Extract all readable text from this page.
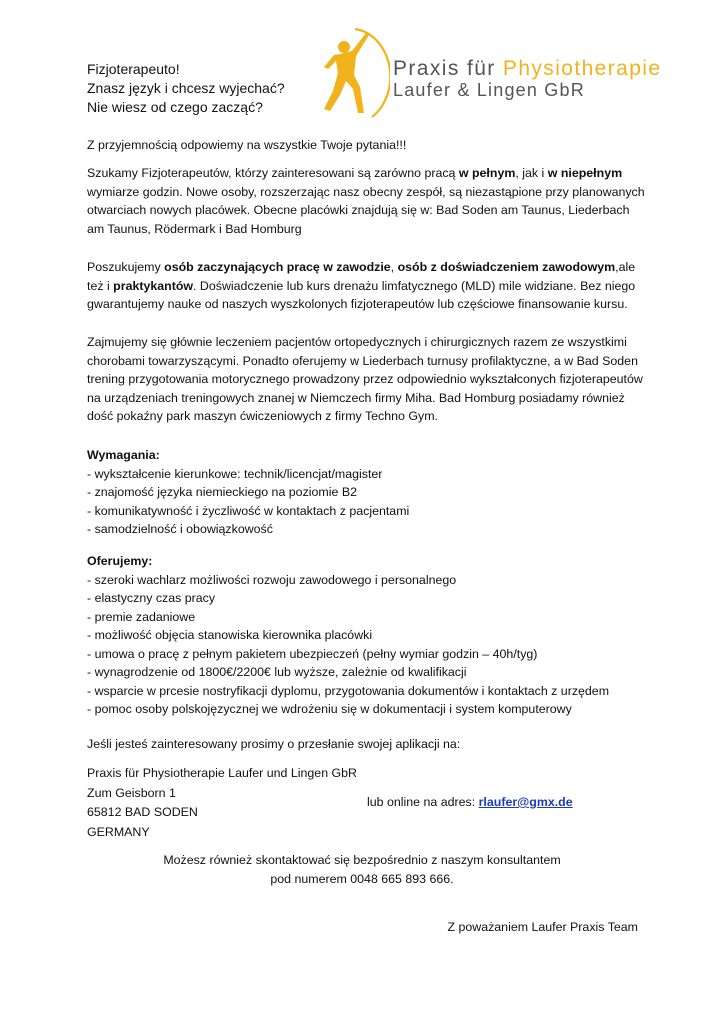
Fizjoterapeuto!
Znasz język i chcesz wyjechać?
Nie wiesz od czego zacząć?
Praxis für Physiotherapie
Laufer & Lingen GbR

Z przyjemnością odpowiemy na wszystkie Twoje pytania!!!

Szukamy Fizjoterapeutów, którzy zainteresowani są zarówno pracą w pełnym, jak i w niepełnym wymiarze godzin. Nowe osoby, rozszerzając nasz obecny zespół, są niezastąpione przy planowanych otwarciach nowych placówek. Obecne placówki znajdują się w: Bad Soden am Taunus, Liederbach am Taunus, Rödermark i Bad Homburg

Poszukujemy osób zaczynających pracę w zawodzie, osób z doświadczeniem zawodowym,ale też i praktykantów. Doświadczenie lub kurs drenażu limfatycznego (MLD) mile widziane. Bez niego gwarantujemy nauke od naszych wyszkolonych fizjoterapeutów lub częściowe finansowanie kursu.

Zajmujemy się głównie leczeniem pacjentów ortopedycznych i chirurgicznych razem ze wszystkimi chorobami towarzyszącymi. Ponadto oferujemy w Liederbach turnusy profilaktyczne, a w Bad Soden trening przygotowania motorycznego prowadzony przez odpowiednio wykształconych fizjoterapeutów na urządzeniach treningowych znanej w Niemczech firmy Miha. Bad Homburg posiadamy również dość pokaźny park maszyn ćwiczeniowych z firmy Techno Gym.

Wymagania:
- wykształcenie kierunkowe: technik/licencjat/magister
- znajomość języka niemieckiego na poziomie B2
- komunikatywność i życzliwość w kontaktach z pacjentami
- samodzielność i obowiązkowość
Oferujemy:
- szeroki wachlarz możliwości rozwoju zawodowego i personalnego
- elastyczny czas pracy
- premie zadaniowe
- możliwość objęcia stanowiska kierownika placówki
- umowa o pracę z pełnym pakietem ubezpieczeń (pełny wymiar godzin – 40h/tyg)
- wynagrodzenie od 1800€/2200€ lub wyższe, zależnie od kwalifikacji
- wsparcie w prcesie nostryfikacji dyplomu, przygotowania dokumentów i kontaktach z urzędem
- pomoc osoby polskojęzycznej we wdrożeniu się w dokumentacji i system komputerowy

Jeśli jesteś zainteresowany prosimy o przesłanie swojej aplikacji na:

Praxis für Physiotherapie Laufer und Lingen GbR
Zum Geisborn 1
65812 BAD SODEN
GERMANY
lub online na adres: rlaufer@gmx.de
Możesz również skontaktować się bezpośrednio z naszym konsultantem
pod numerem 0048 665 893 666.
Z poważaniem Laufer Praxis Team
